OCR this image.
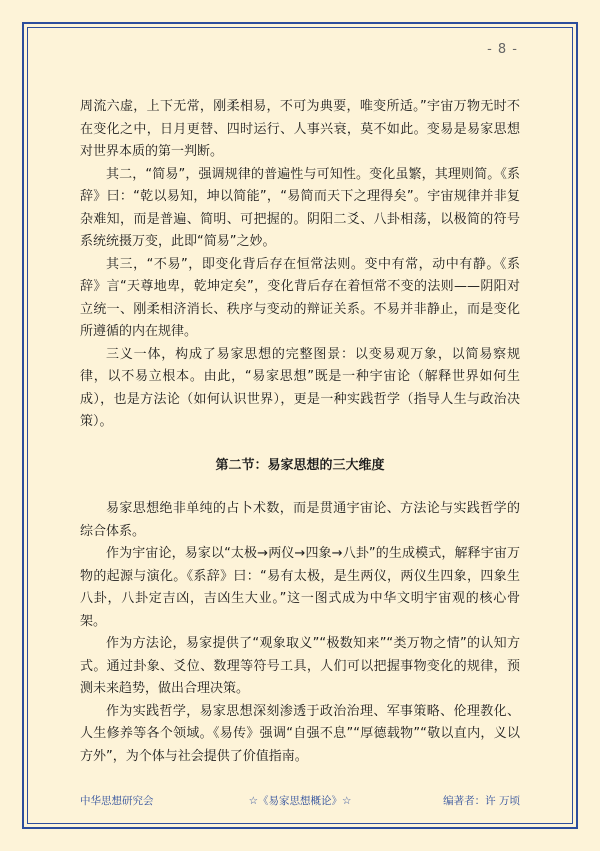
- 8 -

周流六虚，上下无常，刚柔相易，不可为典要，唯变所适。”宇宙万物无时不在变化之中，日月更替、四时运行、人事兴衰，莫不如此。变易是易家思想对世界本质的第一判断。

其二，“简易”，强调规律的普遍性与可知性。变化虽繁，其理则简。《系辞》曰：“乾以易知，坤以简能”，“易简而天下之理得矣”。宇宙规律并非复杂难知，而是普遍、简明、可把握的。阴阳二爻、八卦相荡，以极简的符号系统统摄万变，此即“简易”之妙。

其三，“不易”，即变化背后存在恒常法则。变中有常，动中有静。《系辞》言“天尊地卑，乾坤定矣”，变化背后存在着恒常不变的法则——阴阳对立统一、刚柔相济消长、秩序与变动的辩证关系。不易并非静止，而是变化所遵循的内在规律。

三义一体，构成了易家思想的完整图景：以变易观万象，以简易察规律，以不易立根本。由此，“易家思想”既是一种宇宙论（解释世界如何生成），也是方法论（如何认识世界），更是一种实践哲学（指导人生与政治决策）。

第二节：易家思想的三大维度

易家思想绝非单纯的占卜术数，而是贯通宇宙论、方法论与实践哲学的综合体系。

作为宇宙论，易家以“太极→两仪→四象→八卦”的生成模式，解释宇宙万物的起源与演化。《系辞》曰：“易有太极，是生两仪，两仪生四象，四象生八卦，八卦定吉凶，吉凶生大业。”这一图式成为中华文明宇宙观的核心骨架。

作为方法论，易家提供了“观象取义”“极数知来”“类万物之情”的认知方式。通过卦象、爻位、数理等符号工具，人们可以把握事物变化的规律，预测未来趋势，做出合理决策。

作为实践哲学，易家思想深刻渗透于政治治理、军事策略、伦理教化、人生修养等各个领域。《易传》强调“自强不息”“厚德载物”“敬以直内，义以方外”，为个体与社会提供了价值指南。

中华思想研究会	☆《易家思想概论》☆	编著者：许 万顷
